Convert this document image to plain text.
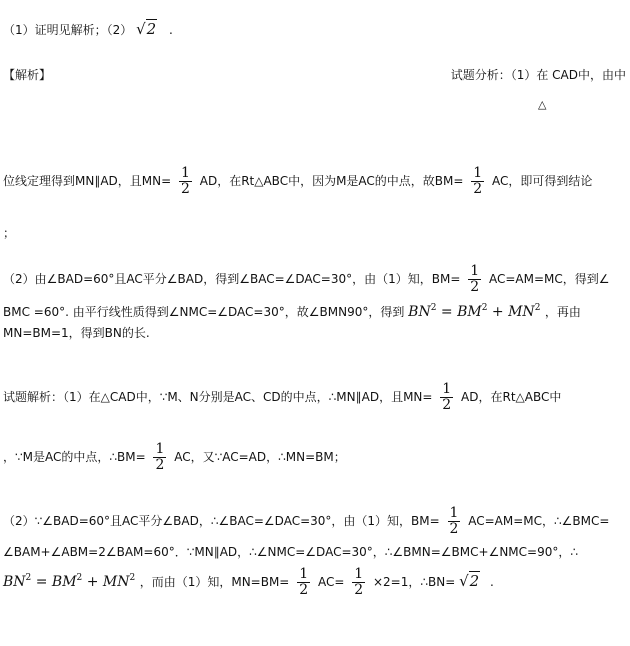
（1）证明见解析；（2） √2 .
【解析】	试题分析：（1）在 CAD中，由中
△
位线定理得到MN∥AD，且$MN= \frac{1}{2}$ AD，在Rt△ABC中，因为M是AC的中点，故$BM= \frac{1}{2}$ AC，即可得到结论
；
（2）由∠BAD=60°且AC平分∠BAD，得到∠BAC=∠DAC=30°，由（1）知，$BM= \frac{1}{2} AC=AM=MC$，得到∠
BMC =60°. 由平行线性质得到∠NMC=∠DAC=30°，故∠BMN90°，得到 $BN^2 = BM^2 + MN^2$ ，再由
MN=BM=1，得到BN的长.
试题解析：（1）在△CAD中，∵M、N分别是AC、CD的中点，∴MN∥AD，且$MN= \frac{1}{2}$ AD，在Rt△ABC中
，∵M是AC的中点，∴BM= $\frac{1}{2}$ AC，又∵AC=AD，∴MN=BM；
（2）∵∠BAD=60°且AC平分∠BAD，∴∠BAC=∠DAC=30°，由（1）知，$BM= \frac{1}{2} AC=AM=MC$，∴∠BMC=
∠BAM+∠ABM=2∠BAM=60°．∵MN∥AD，∴∠NMC=∠DAC=30°，∴∠BMN=∠BMC+∠NMC=90°，∴
$BN^2 = BM^2 + MN^2$ ，而由（1）知，$MN=BM= \frac{1}{2} AC= \frac{1}{2} \times 2=1$，∴BN= √2 .
